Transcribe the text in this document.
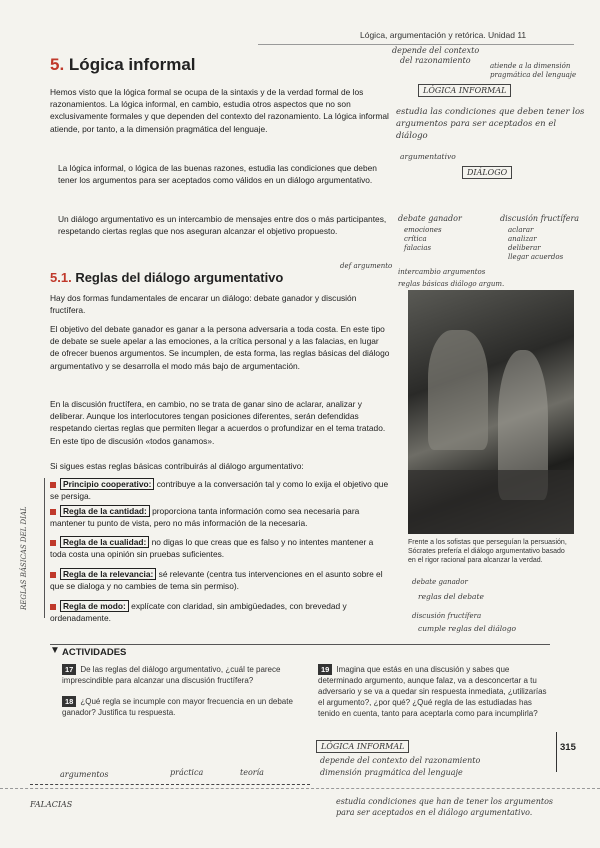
Lógica, argumentación y retórica. Unidad 11
5. Lógica informal
Hemos visto que la lógica formal se ocupa de la sintaxis y de la verdad formal de los razonamientos. La lógica informal, en cambio, estudia otros aspectos que no son exclusivamente formales y que dependen del contexto del razonamiento. La lógica informal atiende, por tanto, a la dimensión pragmática del lenguaje.
La lógica informal, o lógica de las buenas razones, estudia las condiciones que deben tener los argumentos para ser aceptados como válidos en un diálogo argumentativo.
Un diálogo argumentativo es un intercambio de mensajes entre dos o más participantes, respetando ciertas reglas que nos aseguran alcanzar el objetivo propuesto.
5.1. Reglas del diálogo argumentativo
Hay dos formas fundamentales de encarar un diálogo: debate ganador y discusión fructífera.
El objetivo del debate ganador es ganar a la persona adversaria a toda costa. En este tipo de debate se suele apelar a las emociones, a la crítica personal y a las falacias, en lugar de ofrecer buenos argumentos. Se incumplen, de esta forma, las reglas básicas del diálogo argumentativo y se desarrolla el modo más bajo de argumentación.
En la discusión fructífera, en cambio, no se trata de ganar sino de aclarar, analizar y deliberar. Aunque los interlocutores tengan posiciones diferentes, serán defendidas respetando ciertas reglas que permiten llegar a acuerdos o profundizar en el tema tratado. En este tipo de discusión «todos ganamos».
Si sigues estas reglas básicas contribuirás al diálogo argumentativo:
Principio cooperativo: contribuye a la conversación tal y como lo exija el objetivo que se persiga.
Regla de la cantidad: proporciona tanta información como sea necesaria para mantener tu punto de vista, pero no más información de la necesaria.
Regla de la cualidad: no digas lo que creas que es falso y no intentes mantener a toda costa una opinión sin pruebas suficientes.
Regla de la relevancia: sé relevante (centra tus intervenciones en el asunto sobre el que se dialoga y no cambies de tema sin permiso).
Regla de modo: explícate con claridad, sin ambigüedades, con brevedad y ordenadamente.
REGLAS BÁSICAS DEL DIAL	Frente a los sofistas que perseguían la persuasión, Sócrates prefería el diálogo argumentativo basado en el rigor racional para alcanzar la verdad.
depende del contexto
del razonamiento
atiende a la dimensión pragmática del lenguaje
LÓGICA INFORMAL
estudia las condiciones que deben tener los argumentos para ser aceptados en el diálogo
argumentativo
DIÁLOGO
debate ganador
emociones
crítica
falacias
discusión fructífera
aclarar
analizar
deliberar
llegar acuerdos
def argumento
intercambio argumentos
reglas básicas diálogo argum.
debate ganador
reglas del debate
discusión fructífera
cumple reglas del diálogo
▼ ACTIVIDADES
17 De las reglas del diálogo argumentativo, ¿cuál te parece imprescindible para alcanzar una discusión fructífera?
18 ¿Qué regla se incumple con mayor frecuencia en un debate ganador? Justifica tu respuesta.
19 Imagina que estás en una discusión y sabes que determinado argumento, aunque falaz, va a desconcertar a tu adversario y se va a quedar sin respuesta inmediata, ¿utilizarías el argumento?, ¿por qué? ¿Qué regla de las estudiadas has tenido en cuenta, tanto para aceptarla como para incumplirla?
315
LÓGICA INFORMAL
depende del contexto del razonamiento
dimensión pragmática del lenguaje
argumentos	práctica	teoría
FALACIAS	estudia condiciones que han de tener los argumentos para ser aceptados en el diálogo argumentativo.
